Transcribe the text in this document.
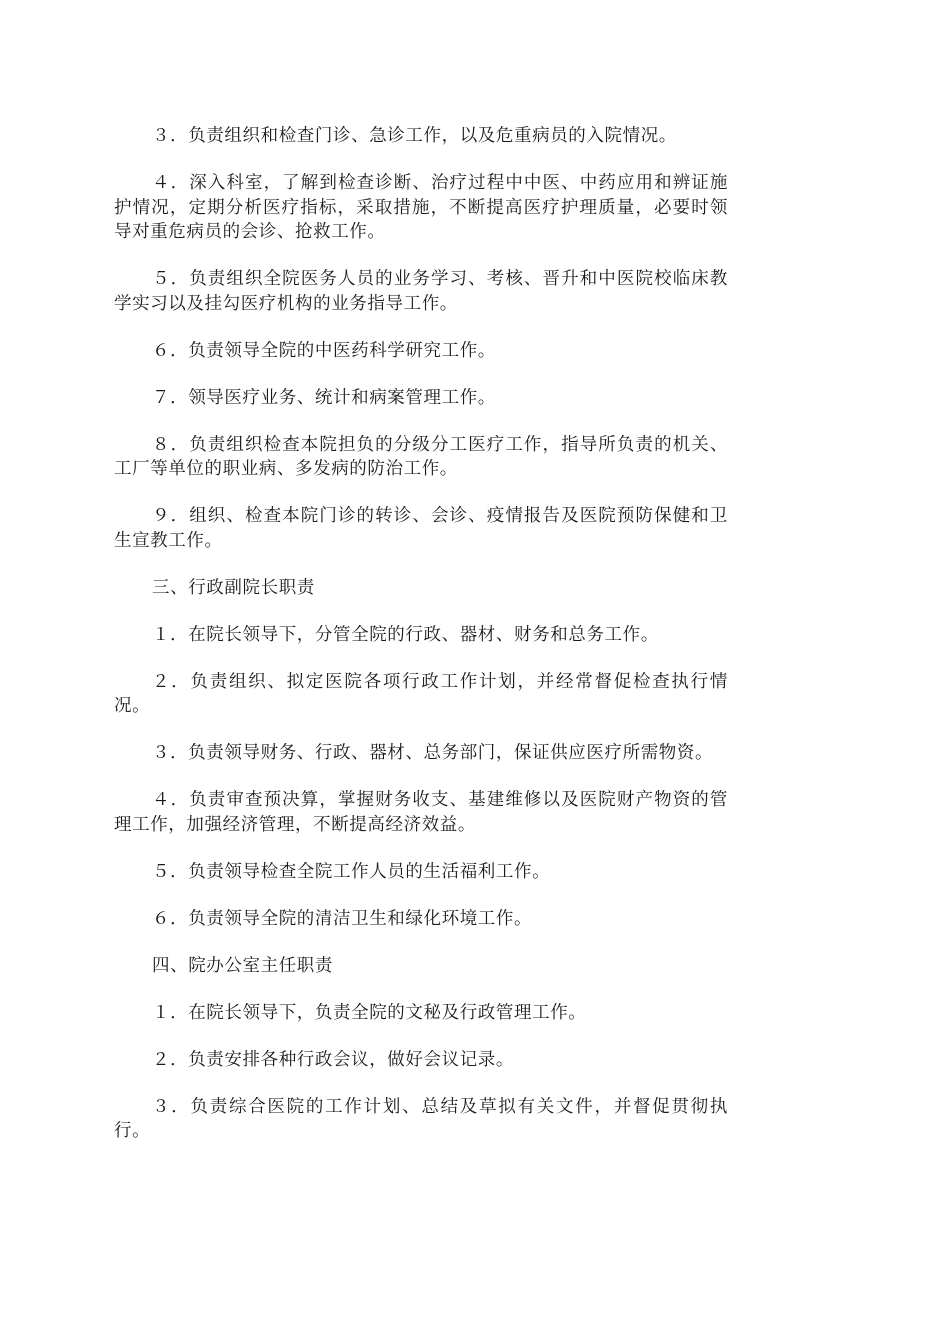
３．负责组织和检查门诊、急诊工作，以及危重病员的入院情况。

４．深入科室，了解到检查诊断、治疗过程中中医、中药应用和辨证施护情况，定期分析医疗指标，采取措施，不断提高医疗护理质量，必要时领导对重危病员的会诊、抢救工作。

５．负责组织全院医务人员的业务学习、考核、晋升和中医院校临床教学实习以及挂勾医疗机构的业务指导工作。

６．负责领导全院的中医药科学研究工作。

７．领导医疗业务、统计和病案管理工作。

８．负责组织检查本院担负的分级分工医疗工作，指导所负责的机关、工厂等单位的职业病、多发病的防治工作。

９．组织、检查本院门诊的转诊、会诊、疫情报告及医院预防保健和卫生宣教工作。

三、行政副院长职责

１．在院长领导下，分管全院的行政、器材、财务和总务工作。

２．负责组织、拟定医院各项行政工作计划，并经常督促检查执行情况。

３．负责领导财务、行政、器材、总务部门，保证供应医疗所需物资。

４．负责审查预决算，掌握财务收支、基建维修以及医院财产物资的管理工作，加强经济管理，不断提高经济效益。

５．负责领导检查全院工作人员的生活福利工作。

６．负责领导全院的清洁卫生和绿化环境工作。

四、院办公室主任职责

１．在院长领导下，负责全院的文秘及行政管理工作。

２．负责安排各种行政会议，做好会议记录。

３．负责综合医院的工作计划、总结及草拟有关文件，并督促贯彻执行。
